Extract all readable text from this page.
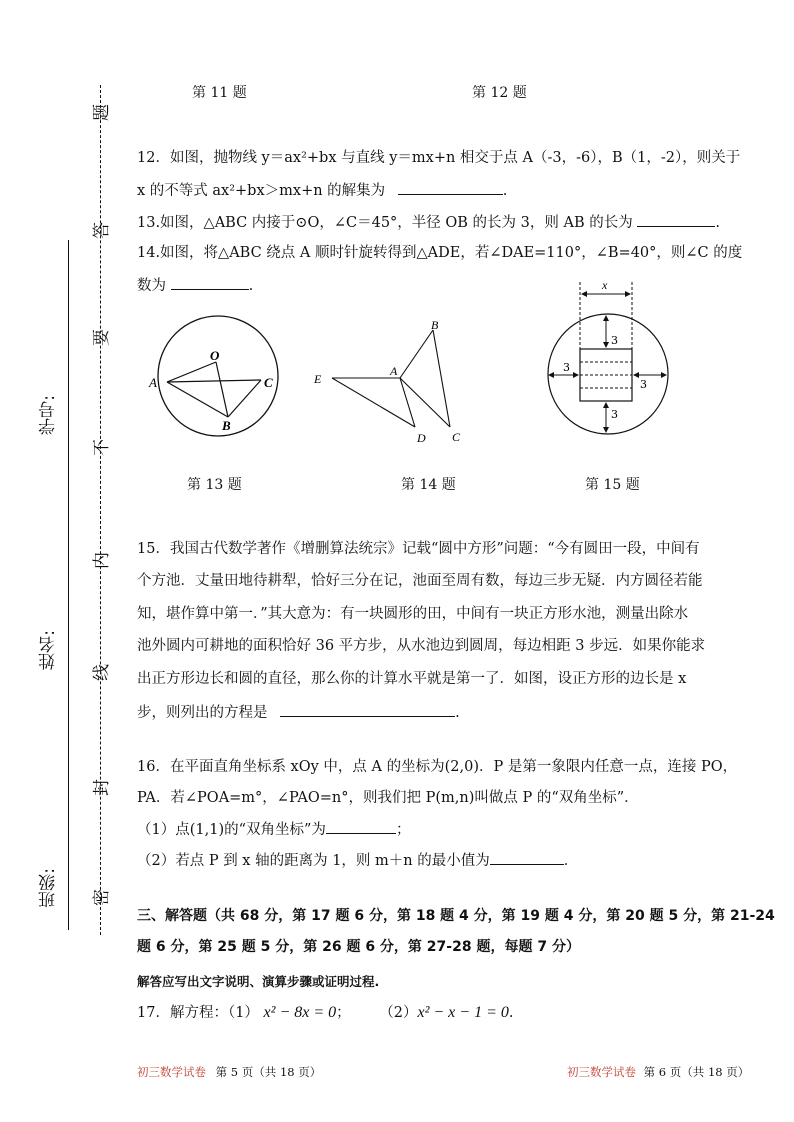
班级:
姓名:
学号:
密
封
线
内
不
要
答
题
第 11 题	第 12 题
12．如图，抛物线 y＝ax²+bx 与直线 y＝mx+n 相交于点 A（-3，-6），B（1，-2），则关于
x 的不等式 ax²+bx＞mx+n 的解集为	.
13.如图，△ABC 内接于⊙O，∠C＝45°，半径 OB 的长为 3，则 AB 的长为	.
14.如图，将△ABC 绕点 A 顺时针旋转得到△ADE，若∠DAE=110°，∠B=40°，则∠C 的度
数为	.
O
A	C
B
B
A
E
D C
x
3
3
3
3
第 13 题	第 14 题	第 15 题
15．我国古代数学著作《增删算法统宗》记载“圆中方形”问题：“今有圆田一段，中间有
个方池．丈量田地待耕犁，恰好三分在记，池面至周有数，每边三步无疑．内方圆径若能
知，堪作算中第一．”其大意为：有一块圆形的田，中间有一块正方形水池，测量出除水
池外圆内可耕地的面积恰好 36 平方步，从水池边到圆周，每边相距 3 步远．如果你能求
出正方形边长和圆的直径，那么你的计算水平就是第一了．如图，设正方形的边长是 x
步，则列出的方程是	.
16．在平面直角坐标系 xOy 中，点 A 的坐标为(2,0)．P 是第一象限内任意一点，连接 PO，
PA．若∠POA=m°，∠PAO=n°，则我们把 P(m,n)叫做点 P 的“双角坐标”．
（1）点(1,1)的“双角坐标”为	；
（2）若点 P 到 x 轴的距离为 1，则 m＋n 的最小值为	．
三、解答题（共 68 分，第 17 题 6 分，第 18 题 4 分，第 19 题 4 分，第 20 题 5 分，第 21-24
题 6 分，第 25 题 5 分，第 26 题 6 分，第 27-28 题，每题 7 分）
解答应写出文字说明、演算步骤或证明过程.
17．解方程：（1） x² − 8x = 0； （2）x² − x − 1 = 0.
初三数学试卷 第 5 页（共 18 页）	初三数学试卷 第 6 页（共 18 页）
